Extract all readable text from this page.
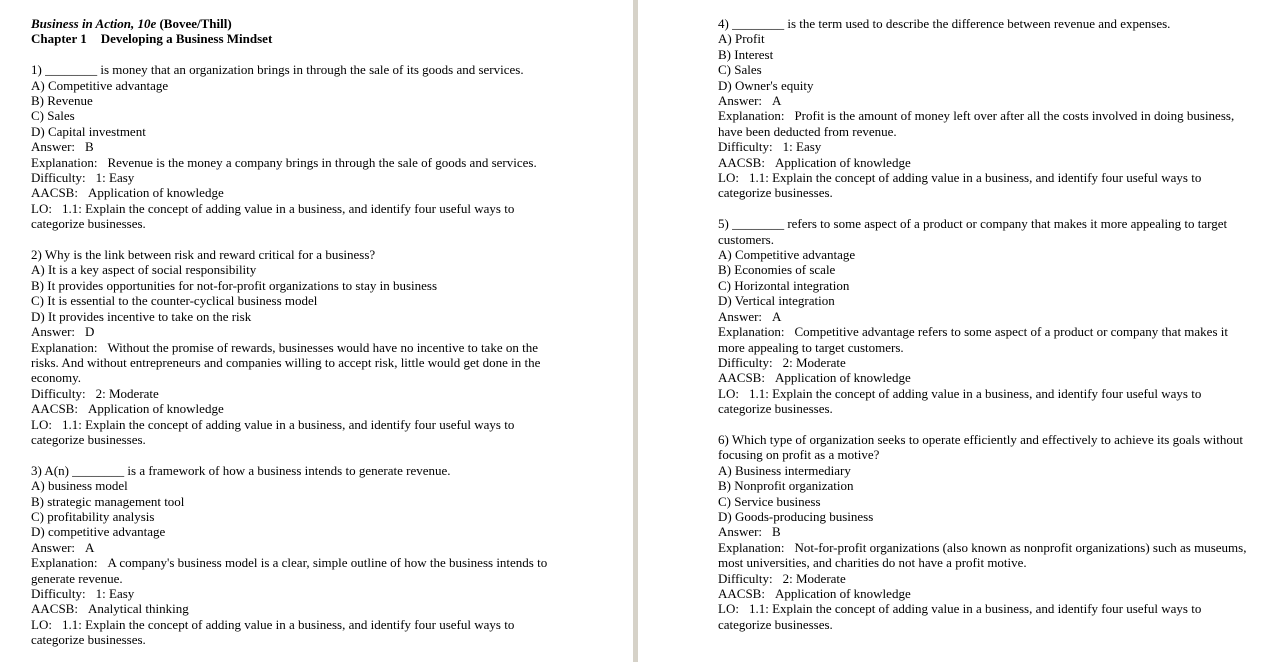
Business in Action, 10e (Bovee/Thill)
Chapter 1 Developing a Business Mindset
1) ________ is money that an organization brings in through the sale of its goods and services.
A) Competitive advantage
B) Revenue
C) Sales
D) Capital investment
Answer: B
Explanation: Revenue is the money a company brings in through the sale of goods and services.
Difficulty: 1: Easy
AACSB: Application of knowledge
LO: 1.1: Explain the concept of adding value in a business, and identify four useful ways to categorize businesses.
2) Why is the link between risk and reward critical for a business?
A) It is a key aspect of social responsibility
B) It provides opportunities for not-for-profit organizations to stay in business
C) It is essential to the counter-cyclical business model
D) It provides incentive to take on the risk
Answer: D
Explanation: Without the promise of rewards, businesses would have no incentive to take on the risks. And without entrepreneurs and companies willing to accept risk, little would get done in the economy.
Difficulty: 2: Moderate
AACSB: Application of knowledge
LO: 1.1: Explain the concept of adding value in a business, and identify four useful ways to categorize businesses.
3) A(n) ________ is a framework of how a business intends to generate revenue.
A) business model
B) strategic management tool
C) profitability analysis
D) competitive advantage
Answer: A
Explanation: A company's business model is a clear, simple outline of how the business intends to generate revenue.
Difficulty: 1: Easy
AACSB: Analytical thinking
LO: 1.1: Explain the concept of adding value in a business, and identify four useful ways to categorize businesses.
4) ________ is the term used to describe the difference between revenue and expenses.
A) Profit
B) Interest
C) Sales
D) Owner's equity
Answer: A
Explanation: Profit is the amount of money left over after all the costs involved in doing business, have been deducted from revenue.
Difficulty: 1: Easy
AACSB: Application of knowledge
LO: 1.1: Explain the concept of adding value in a business, and identify four useful ways to categorize businesses.
5) ________ refers to some aspect of a product or company that makes it more appealing to target customers.
A) Competitive advantage
B) Economies of scale
C) Horizontal integration
D) Vertical integration
Answer: A
Explanation: Competitive advantage refers to some aspect of a product or company that makes it more appealing to target customers.
Difficulty: 2: Moderate
AACSB: Application of knowledge
LO: 1.1: Explain the concept of adding value in a business, and identify four useful ways to categorize businesses.
6) Which type of organization seeks to operate efficiently and effectively to achieve its goals without focusing on profit as a motive?
A) Business intermediary
B) Nonprofit organization
C) Service business
D) Goods-producing business
Answer: B
Explanation: Not-for-profit organizations (also known as nonprofit organizations) such as museums, most universities, and charities do not have a profit motive.
Difficulty: 2: Moderate
AACSB: Application of knowledge
LO: 1.1: Explain the concept of adding value in a business, and identify four useful ways to categorize businesses.
